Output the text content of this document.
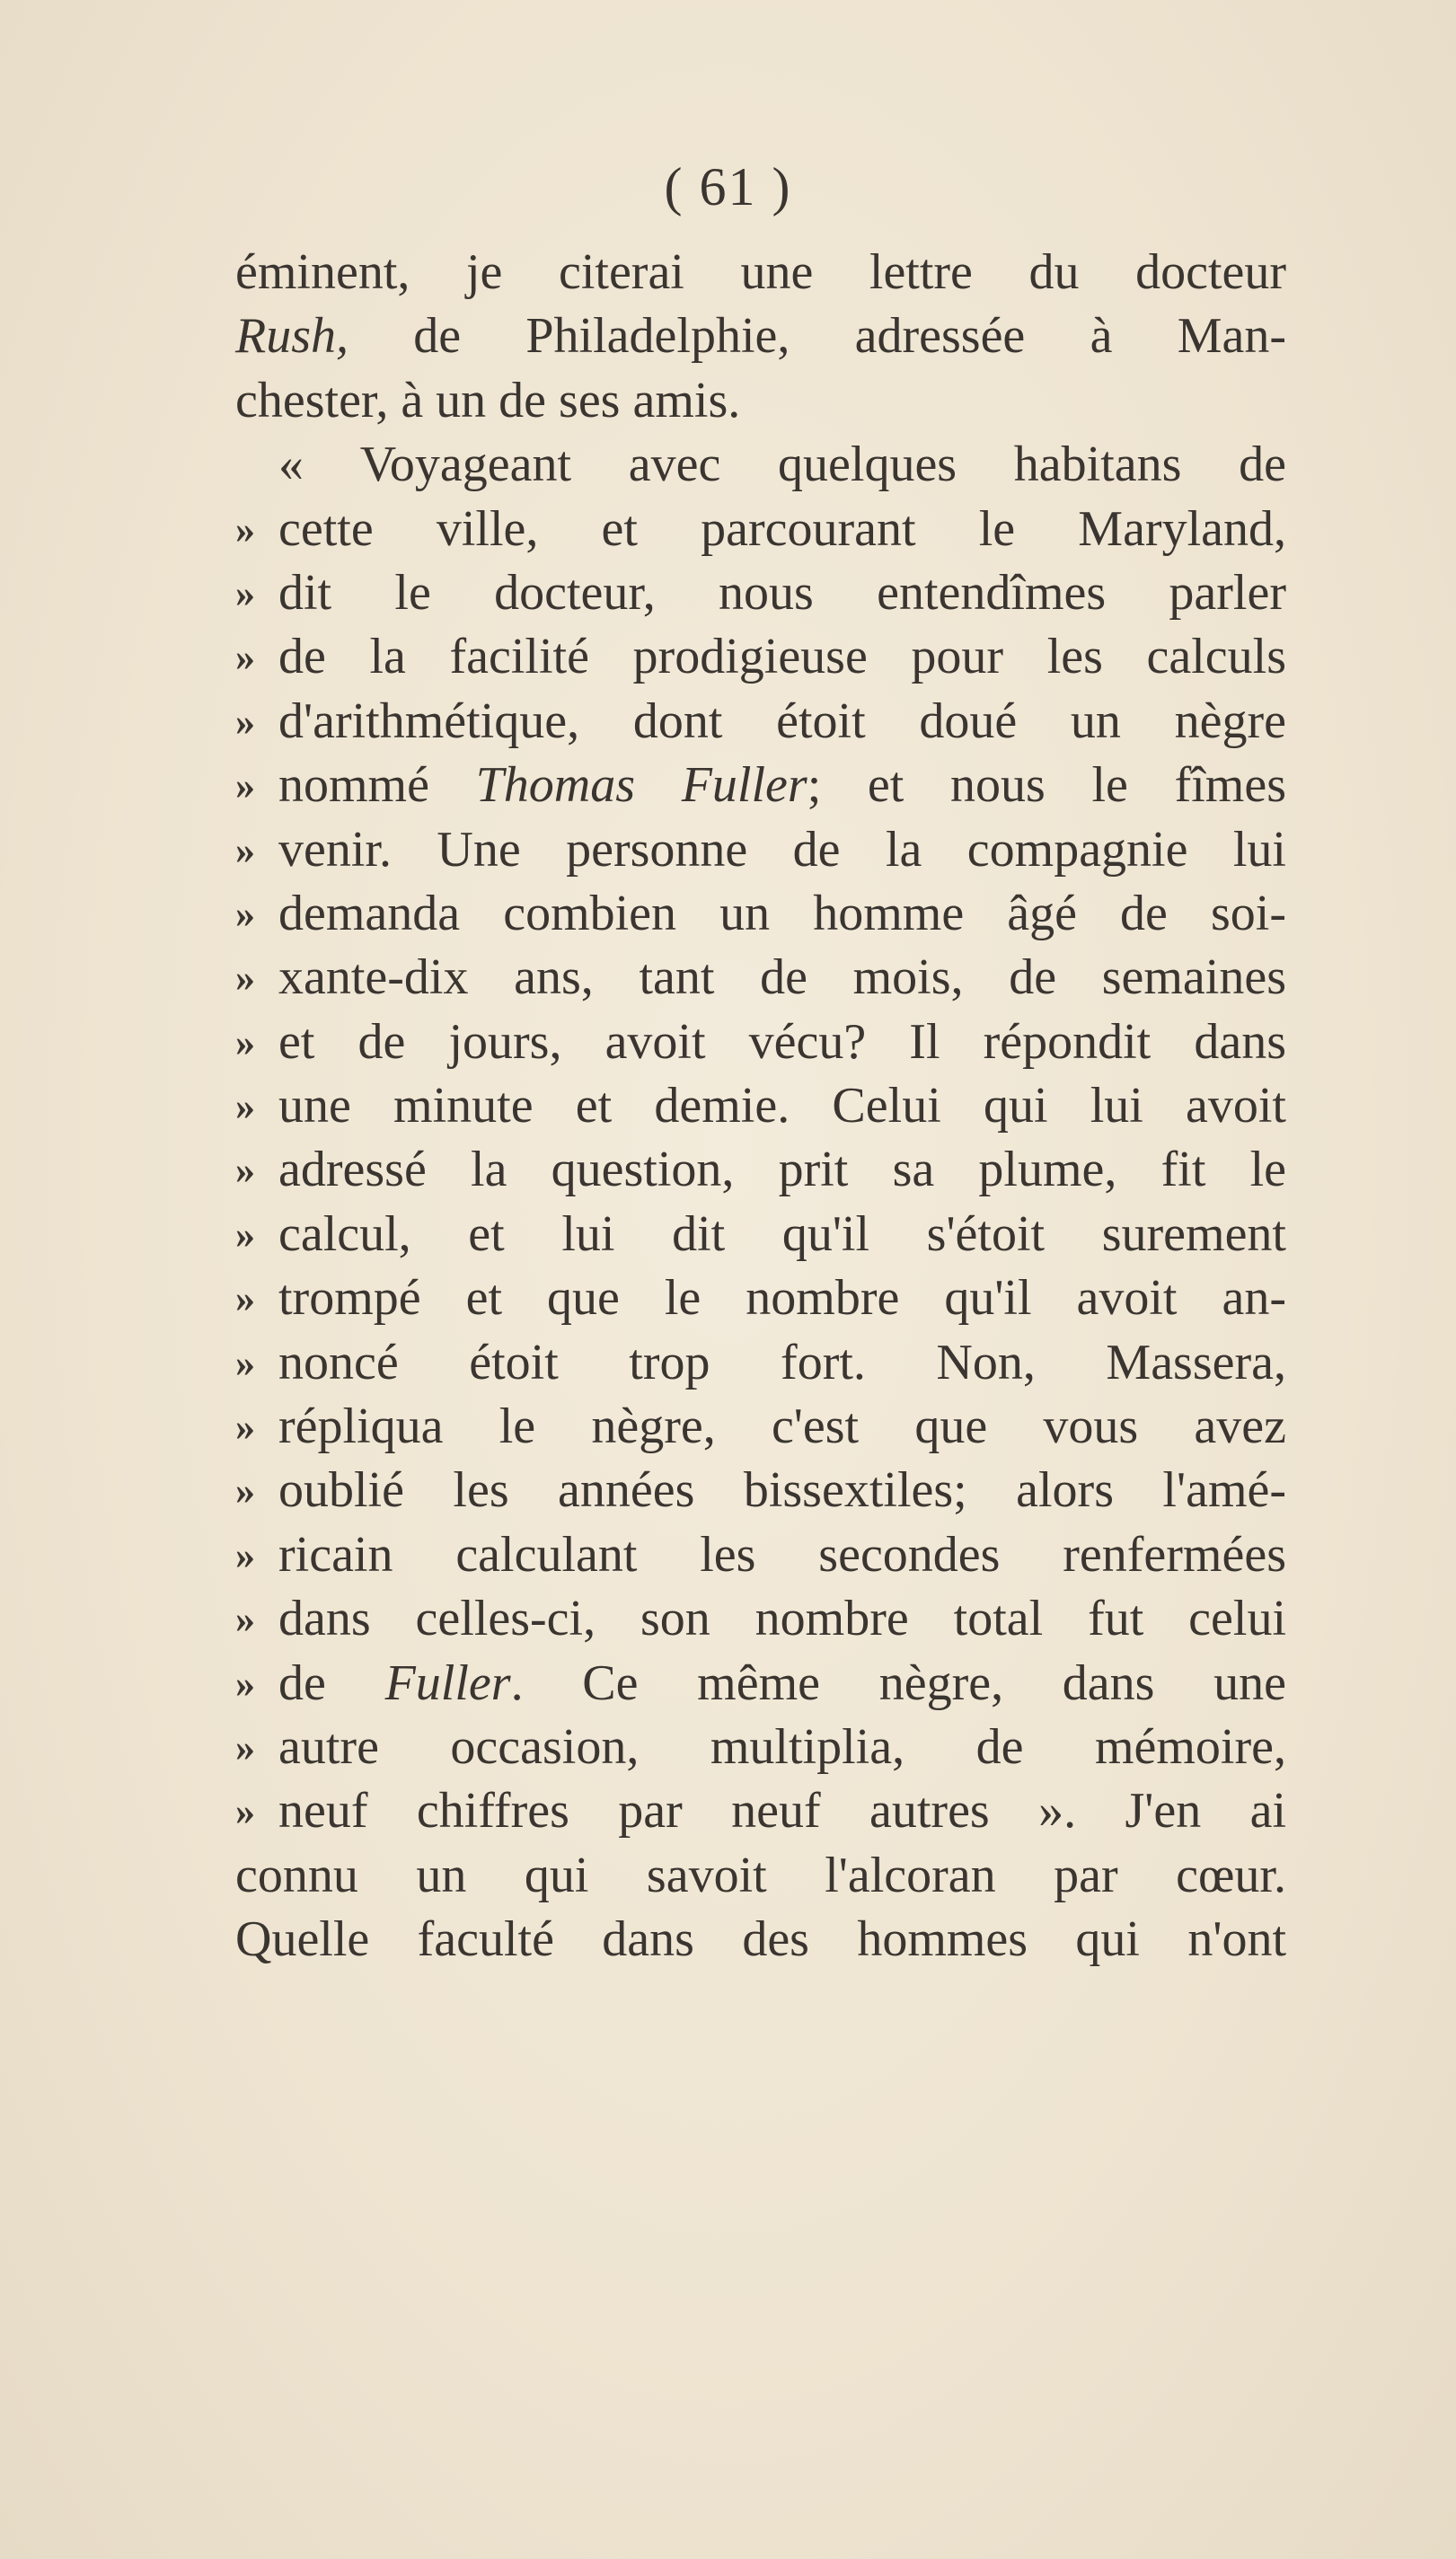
( 61 )
éminent, je citerai une lettre du docteur
Rush, de Philadelphie, adressée à Man-
chester, à un de ses amis.
« Voyageant avec quelques habitans de
» cette ville, et parcourant le Maryland,
» dit le docteur, nous entendîmes parler
» de la facilité prodigieuse pour les calculs
» d'arithmétique, dont étoit doué un nègre
» nommé Thomas Fuller; et nous le fîmes
» venir. Une personne de la compagnie lui
» demanda combien un homme âgé de soi-
» xante-dix ans, tant de mois, de semaines
» et de jours, avoit vécu? Il répondit dans
» une minute et demie. Celui qui lui avoit
» adressé la question, prit sa plume, fit le
» calcul, et lui dit qu'il s'étoit surement
» trompé et que le nombre qu'il avoit an-
» noncé étoit trop fort. Non, Massera,
» répliqua le nègre, c'est que vous avez
» oublié les années bissextiles; alors l'amé-
» ricain calculant les secondes renfermées
» dans celles-ci, son nombre total fut celui
» de Fuller. Ce même nègre, dans une
» autre occasion, multiplia, de mémoire,
» neuf chiffres par neuf autres ». J'en ai
connu un qui savoit l'alcoran par cœur.
Quelle faculté dans des hommes qui n'ont
